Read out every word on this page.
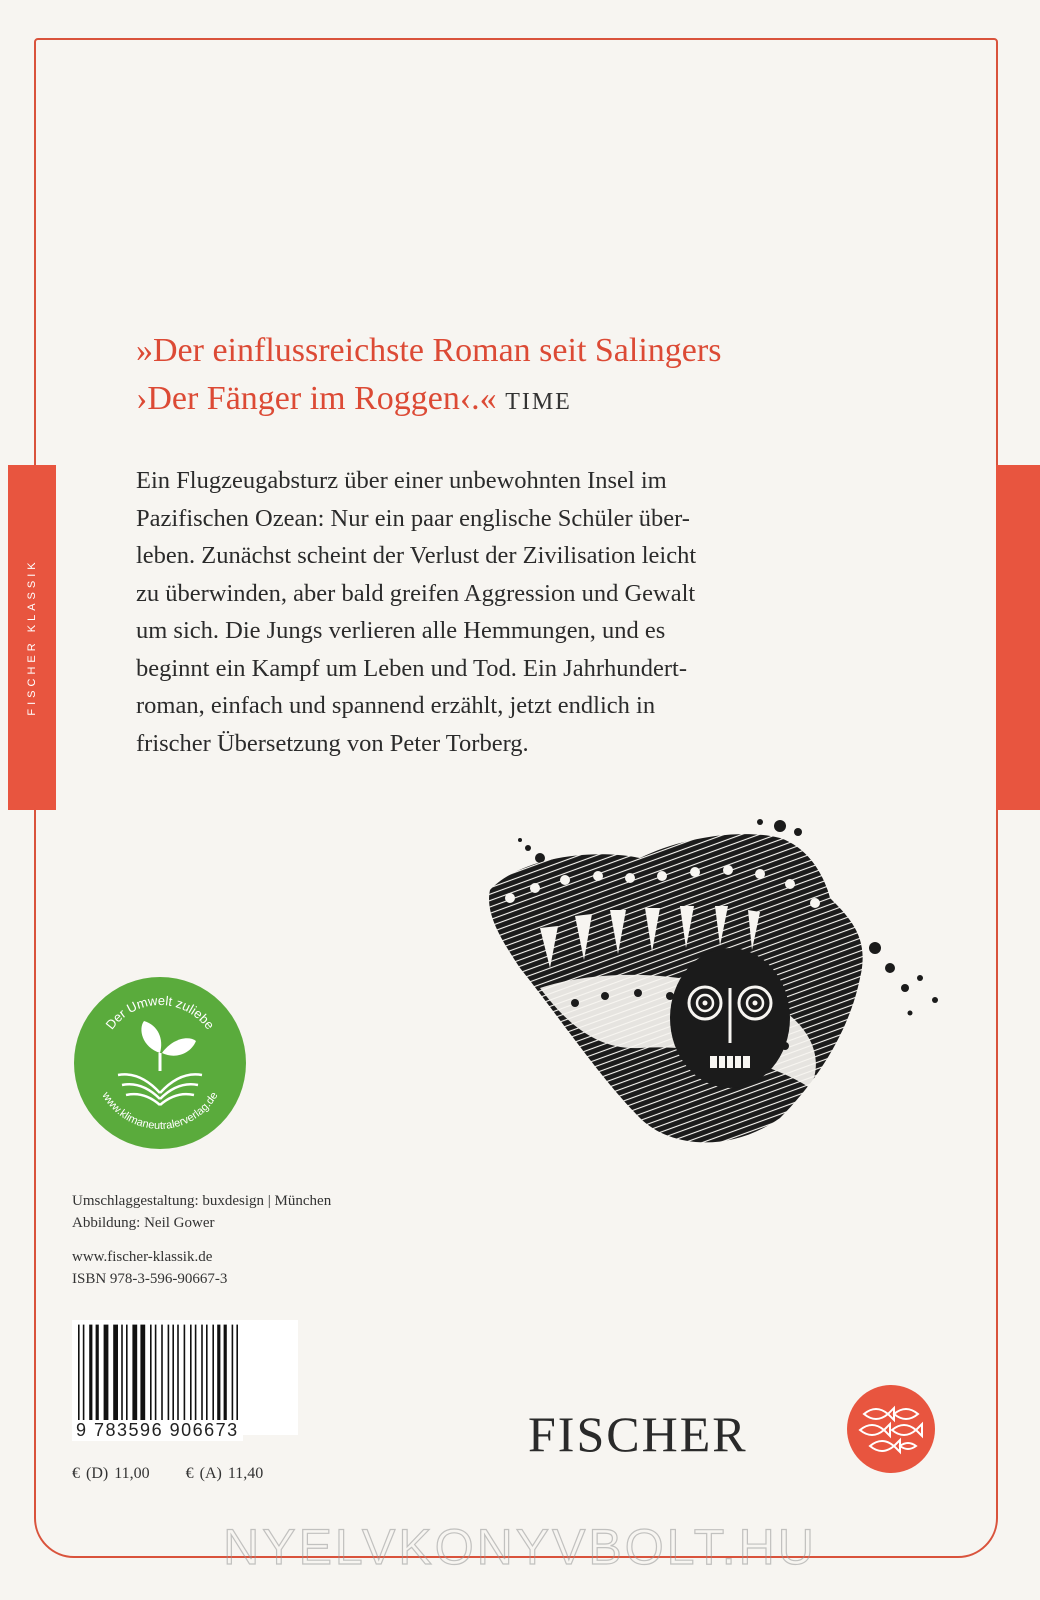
FISCHER KLASSIK
»Der einflussreichste Roman seit Salingers
›Der Fänger im Roggen‹.« TIME
Ein Flugzeugabsturz über einer unbewohnten Insel im
Pazifischen Ozean: Nur ein paar englische Schüler über-
leben. Zunächst scheint der Verlust der Zivilisation leicht
zu überwinden, aber bald greifen Aggression und Gewalt
um sich. Die Jungs verlieren alle Hemmungen, und es
beginnt ein Kampf um Leben und Tod. Ein Jahrhundert-
roman, einfach und spannend erzählt, jetzt endlich in
frischer Übersetzung von Peter Torberg.
Der Umwelt zuliebe
www.klimaneutralerverlag.de
Umschlaggestaltung: buxdesign | München
Abbildung: Neil Gower
www.fischer-klassik.de
ISBN 978-3-596-90667-3
9 783596 906673
€ (D) 11,00 € (A) 11,40
FISCHER
NYELVKONYVBOLT.HU
